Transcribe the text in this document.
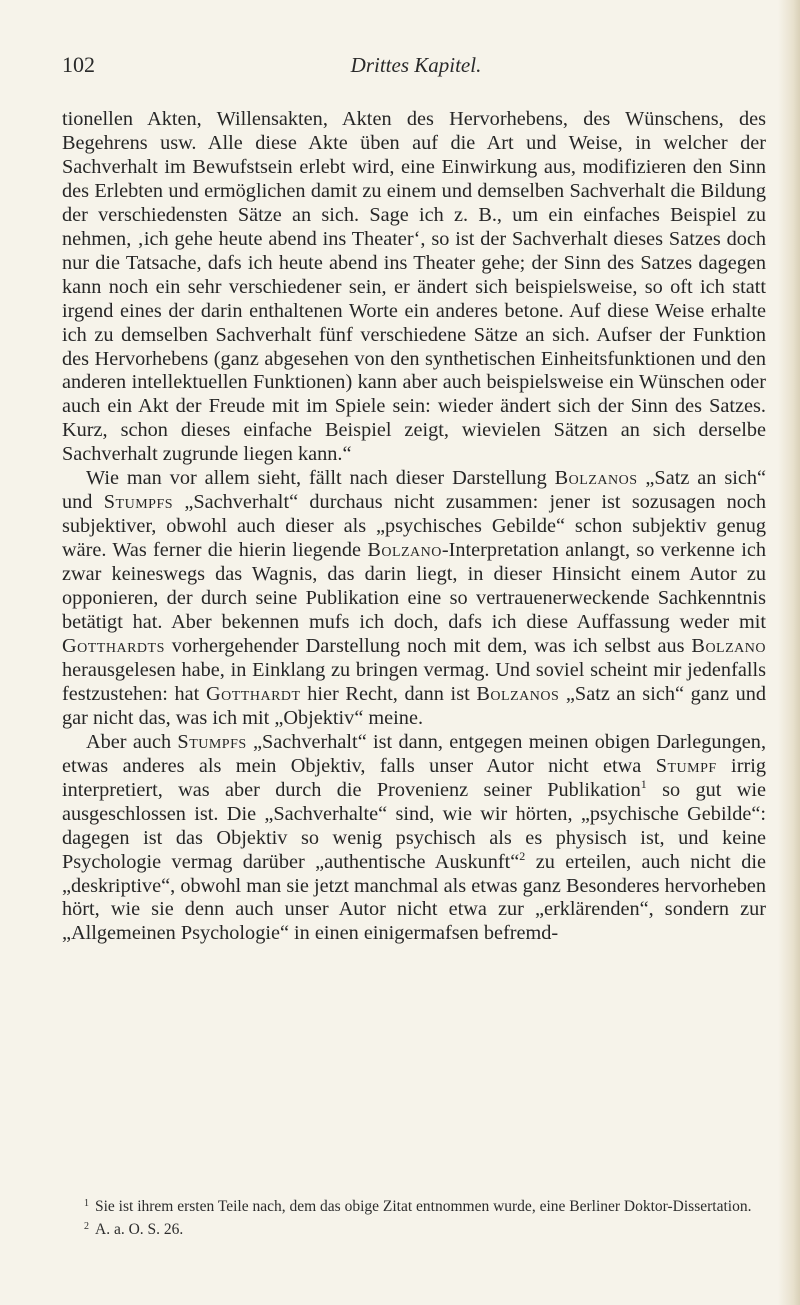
102	Drittes Kapitel.

tionellen Akten, Willensakten, Akten des Hervorhebens, des Wünschens, des Begehrens usw. Alle diese Akte üben auf die Art und Weise, in welcher der Sachverhalt im Bewufstsein erlebt wird, eine Einwirkung aus, modifizieren den Sinn des Erlebten und ermöglichen damit zu einem und demselben Sachverhalt die Bildung der verschiedensten Sätze an sich. Sage ich z. B., um ein einfaches Beispiel zu nehmen, ‚ich gehe heute abend ins Theater‘, so ist der Sachverhalt dieses Satzes doch nur die Tatsache, dafs ich heute abend ins Theater gehe; der Sinn des Satzes dagegen kann noch ein sehr verschiedener sein, er ändert sich beispielsweise, so oft ich statt irgend eines der darin enthaltenen Worte ein anderes betone. Auf diese Weise erhalte ich zu demselben Sachverhalt fünf verschiedene Sätze an sich. Aufser der Funktion des Hervorhebens (ganz abgesehen von den synthetischen Einheitsfunktionen und den anderen intellektuellen Funktionen) kann aber auch beispielsweise ein Wünschen oder auch ein Akt der Freude mit im Spiele sein: wieder ändert sich der Sinn des Satzes. Kurz, schon dieses einfache Beispiel zeigt, wievielen Sätzen an sich derselbe Sachverhalt zugrunde liegen kann.“

Wie man vor allem sieht, fällt nach dieser Darstellung Bolzanos „Satz an sich“ und Stumpfs „Sachverhalt“ durchaus nicht zusammen: jener ist sozusagen noch subjektiver, obwohl auch dieser als „psychisches Gebilde“ schon subjektiv genug wäre. Was ferner die hierin liegende Bolzano-Interpretation anlangt, so verkenne ich zwar keineswegs das Wagnis, das darin liegt, in dieser Hinsicht einem Autor zu opponieren, der durch seine Publikation eine so vertrauenerweckende Sachkenntnis betätigt hat. Aber bekennen mufs ich doch, dafs ich diese Auffassung weder mit Gotthardts vorhergehender Darstellung noch mit dem, was ich selbst aus Bolzano herausgelesen habe, in Einklang zu bringen vermag. Und soviel scheint mir jedenfalls festzustehen: hat Gotthardt hier Recht, dann ist Bolzanos „Satz an sich“ ganz und gar nicht das, was ich mit „Objektiv“ meine.

Aber auch Stumpfs „Sachverhalt“ ist dann, entgegen meinen obigen Darlegungen, etwas anderes als mein Objektiv, falls unser Autor nicht etwa Stumpf irrig interpretiert, was aber durch die Provenienz seiner Publikation$^1$ so gut wie ausgeschlossen ist. Die „Sachverhalte“ sind, wie wir hörten, „psychische Gebilde“: dagegen ist das Objektiv so wenig psychisch als es physisch ist, und keine Psychologie vermag darüber „authentische Auskunft“$^2$ zu erteilen, auch nicht die „deskriptive“, obwohl man sie jetzt manchmal als etwas ganz Besonderes hervorheben hört, wie sie denn auch unser Autor nicht etwa zur „erklärenden“, sondern zur „Allgemeinen Psychologie“ in einen einigermafsen befremd-

$^1$ Sie ist ihrem ersten Teile nach, dem das obige Zitat entnommen wurde, eine Berliner Doktor-Dissertation.

$^2$ A. a. O. S. 26.
